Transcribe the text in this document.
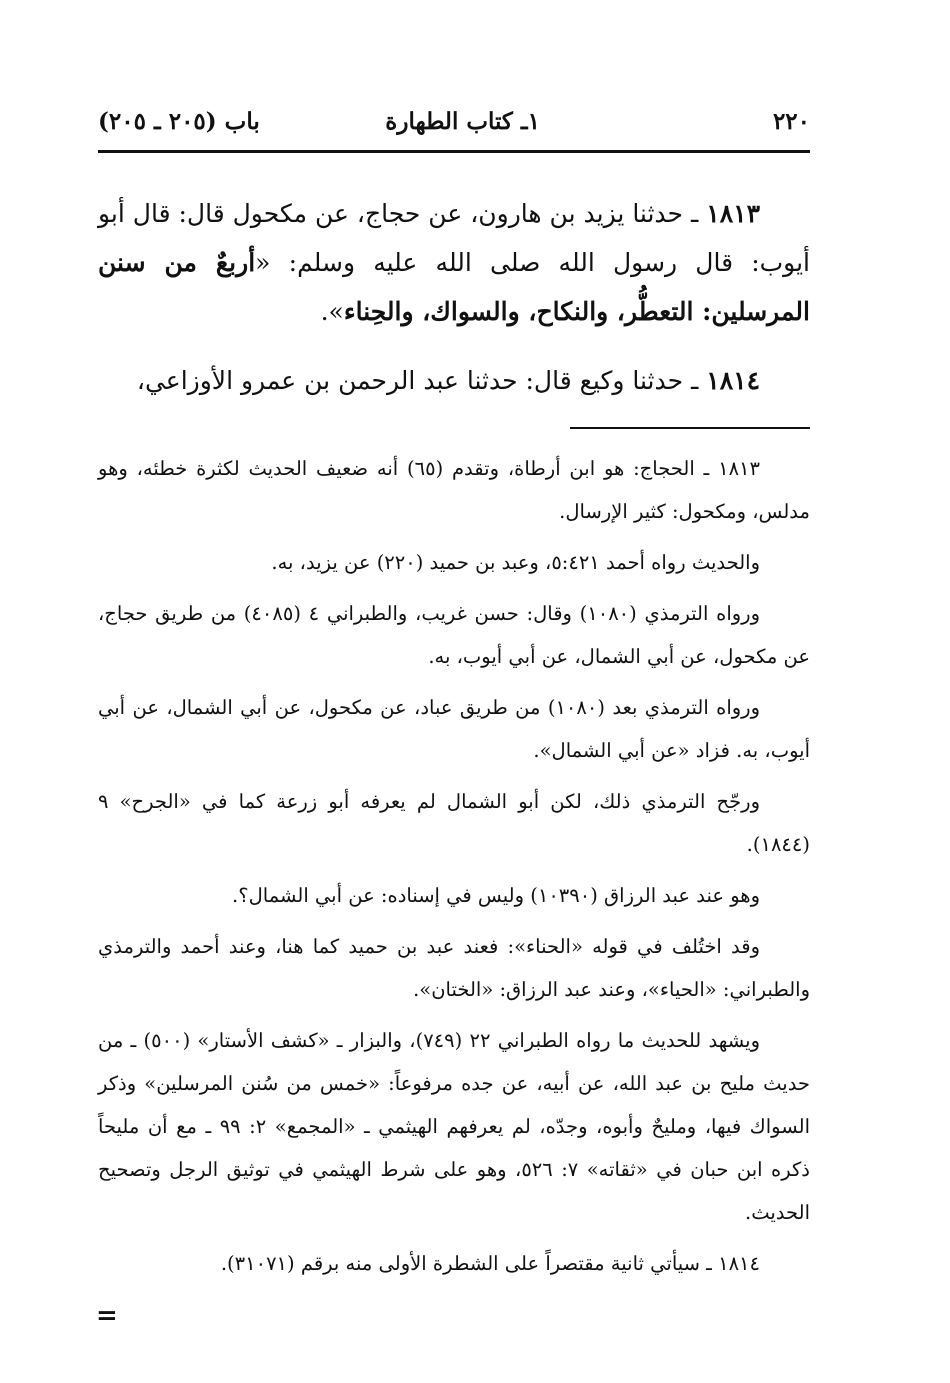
٢٢٠
١ـ كتاب الطهارة
باب (٢٠٥ ـ ٢٠٥)

١٨١٣ ـ حدثنا يزيد بن هارون، عن حجاج، عن مكحول قال: قال أبو أيوب: قال رسول الله صلى الله عليه وسلم: «أربعٌ من سنن المرسلين: التعطُّر، والنكاح، والسواك، والحِناء».

١٨١٤ ـ حدثنا وكيع قال: حدثنا عبد الرحمن بن عمرو الأوزاعي،

١٨١٣ ـ الحجاج: هو ابن أرطاة، وتقدم (٦٥) أنه ضعيف الحديث لكثرة خطئه، وهو مدلس، ومكحول: كثير الإرسال.

والحديث رواه أحمد ٥:٤٢١، وعبد بن حميد (٢٢٠) عن يزيد، به.

ورواه الترمذي (١٠٨٠) وقال: حسن غريب، والطبراني ٤ (٤٠٨٥) من طريق حجاج، عن مكحول، عن أبي الشمال، عن أبي أيوب، به.

ورواه الترمذي بعد (١٠٨٠) من طريق عباد، عن مكحول، عن أبي الشمال، عن أبي أيوب، به. فزاد «عن أبي الشمال».

ورجّح الترمذي ذلك، لكن أبو الشمال لم يعرفه أبو زرعة كما في «الجرح» ٩ (١٨٤٤).

وهو عند عبد الرزاق (١٠٣٩٠) وليس في إسناده: عن أبي الشمال؟.

وقد اختُلف في قوله «الحناء»: فعند عبد بن حميد كما هنا، وعند أحمد والترمذي والطبراني: «الحياء»، وعند عبد الرزاق: «الختان».

ويشهد للحديث ما رواه الطبراني ٢٢ (٧٤٩)، والبزار ـ «كشف الأستار» (٥٠٠) ـ من حديث مليح بن عبد الله، عن أبيه، عن جده مرفوعاً: «خمس من سُنن المرسلين» وذكر السواك فيها، ومليحٌ وأبوه، وجدّه، لم يعرفهم الهيثمي ـ «المجمع» ٢: ٩٩ ـ مع أن مليحاً ذكره ابن حبان في «ثقاته» ٧: ٥٢٦، وهو على شرط الهيثمي في توثيق الرجل وتصحيح الحديث.

١٨١٤ ـ سيأتي ثانية مقتصراً على الشطرة الأولى منه برقم (٣١٠٧١).

=
